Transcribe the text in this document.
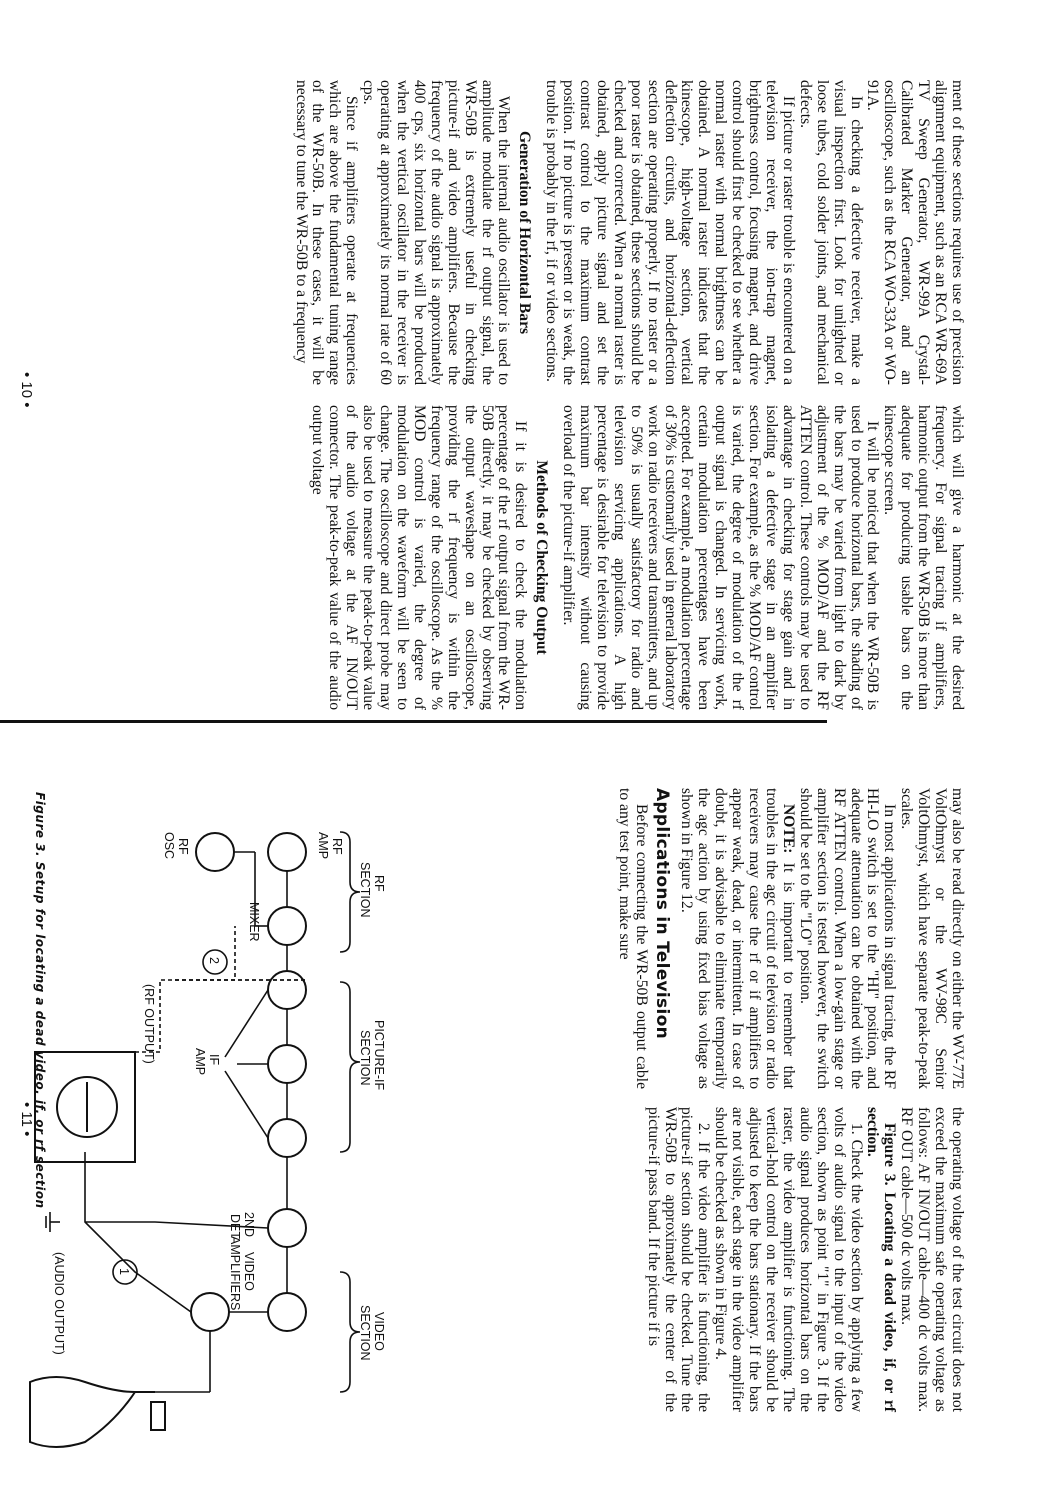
ment of these sections requires use of precision alignment equipment, such as an RCA WR-69A TV Sweep Generator, WR-99A Crystal-Calibrated Marker Generator, and an oscilloscope, such as the RCA WO-33A or WO-91A.

In checking a defective receiver, make a visual inspection first. Look for unlighted or loose tubes, cold solder joints, and mechanical defects.

If picture or raster trouble is encountered on a television receiver, the ion-trap magnet, brightness control, focusing magnet, and drive control should first be checked to see whether a normal raster with normal brightness can be obtained. A normal raster indicates that the kinescope, high-voltage section, vertical deflection circuits, and horizontal-deflection section are operating properly. If no raster or a poor raster is obtained, these sections should be checked and corrected. When a normal raster is obtained, apply picture signal and set the contrast control to the maximum contrast position. If no picture is present or is weak, the trouble is probably in the rf, if or video sections.

Generation of Horizontal Bars

When the internal audio oscillator is used to amplitude modulate the rf output signal, the WR-50B is extremely useful in checking picture-if and video amplifiers. Because the frequency of the audio signal is approximately 400 cps, six horizontal bars will be produced when the vertical oscillator in the receiver is operating at approximately its normal rate of 60 cps.

Since if amplifiers operate at frequencies which are above the fundamental tuning range of the WR-50B. In these cases, it will be necessary to tune the WR-50B to a frequency

which will give a harmonic at the desired frequency. For signal tracing if amplifiers, harmonic output from the WR-50B is more than adequate for producing usable bars on the kinescope screen.

It will be noticed that when the WR-50B is used to produce horizontal bars, the shading of the bars may be varied from light to dark by adjustment of the % MOD/AF and the RF ATTEN control. These controls may be used to advantage in checking for stage gain and in isolating a defective stage in an amplifier section. For example, as the % MOD/AF control is varied, the degree of modulation of the rf output signal is changed. In servicing work, certain modulation percentages have been accepted. For example, a modulation percentage of 30% is customarily used in general laboratory work on radio receivers and transmitters, and up to 50% is usually satisfactory for radio and television servicing applications. A high percentage is desirable for television to provide maximum bar intensity without causing overload of the picture-if amplifier.

Methods of Checking Output

If it is desired to check the modulation percentage of the rf output signal from the WR-50B directly, it may be checked by observing the output waveshape on an oscilloscope, providing the rf frequency is within the frequency range of the oscilloscope. As the % MOD control is varied, the degree of modulation on the waveform will be seen to change. The oscilloscope and direct probe may also be used to measure the peak-to-peak value of the audio voltage at the AF IN/OUT connector. The peak-to-peak value of the audio output voltage

• 10 •

may also be read directly on either the WV-77E VoltOhmyst or the WV-98C Senior VoltOhmyst, which have separate peak-to-peak scales.

In most applications in signal tracing, the RF HI-LO switch is set to the "HI" position, and adequate attenuation can be obtained with the RF ATTEN control. When a low-gain stage or amplifier section is tested however, the switch should be set to the "LO" position.

NOTE: It is important to remember that troubles in the agc circuit of television or radio receivers may cause the rf or if amplifiers to appear weak, dead, or intermittent. In case of doubt, it is advisable to eliminate temporarily the agc action by using fixed bias voltage as shown in Figure 12.

Applications in Television

Before connecting the WR-50B output cable to any test point, make sure

the operating voltage of the test circuit does not exceed the maximum safe operating voltage as follows: AF IN/OUT cable—400 dc volts max. RF OUT cable—500 dc volts max.

Figure 3. Locating a dead video, if, or rf section.

1. Check the video section by applying a few volts of audio signal to the input of the video section, shown as point "1" in Figure 3. If the audio signal produces horizontal bars on the raster, the video amplifier is functioning. The vertical-hold control on the receiver should be adjusted to keep the bars stationary. If the bars are not visible, each stage in the video amplifier should be checked as shown in Figure 4.

2. If the video amplifier is functioning, the picture-if section should be checked. Tune the WR-50B to approximately the center of the picture-if pass band. If the picture if is

2
1
RF
AMP
RF
OSC
MIXER
RF
SECTION
IF
AMP	PICTURE-IF
SECTION
2ND
DET
VIDEO
AMPLIFIERS
VIDEO
SECTION
(RF OUTPUT)
(AUDIO OUTPUT)
Figure 3. Setup for locating a dead video, if, or rf section
• 11 •
